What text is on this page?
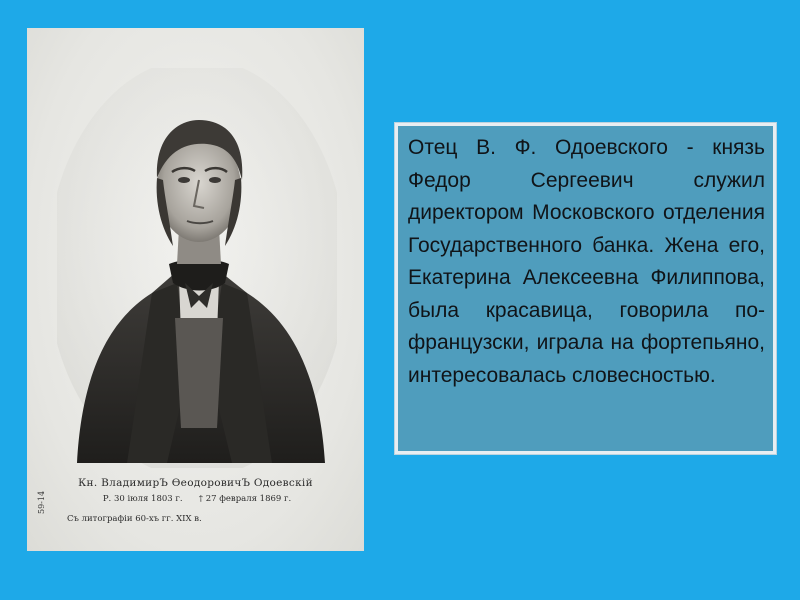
Кн. ВладимирЪ ӨеодоровичЪ Одоевскій
Р. 30 іюля 1803 г. † 27 февраля 1869 г.
Съ литографіи 60-хъ гг. XIX в.
59-14

Отец В. Ф. Одоевского - князь Федор Сергеевич служил директором Московского отделения Государственного банка. Жена его, Екатерина Алексеевна Филиппова, была красавица, говорила по-французски, играла на фортепьяно, интересовалась словесностью.
